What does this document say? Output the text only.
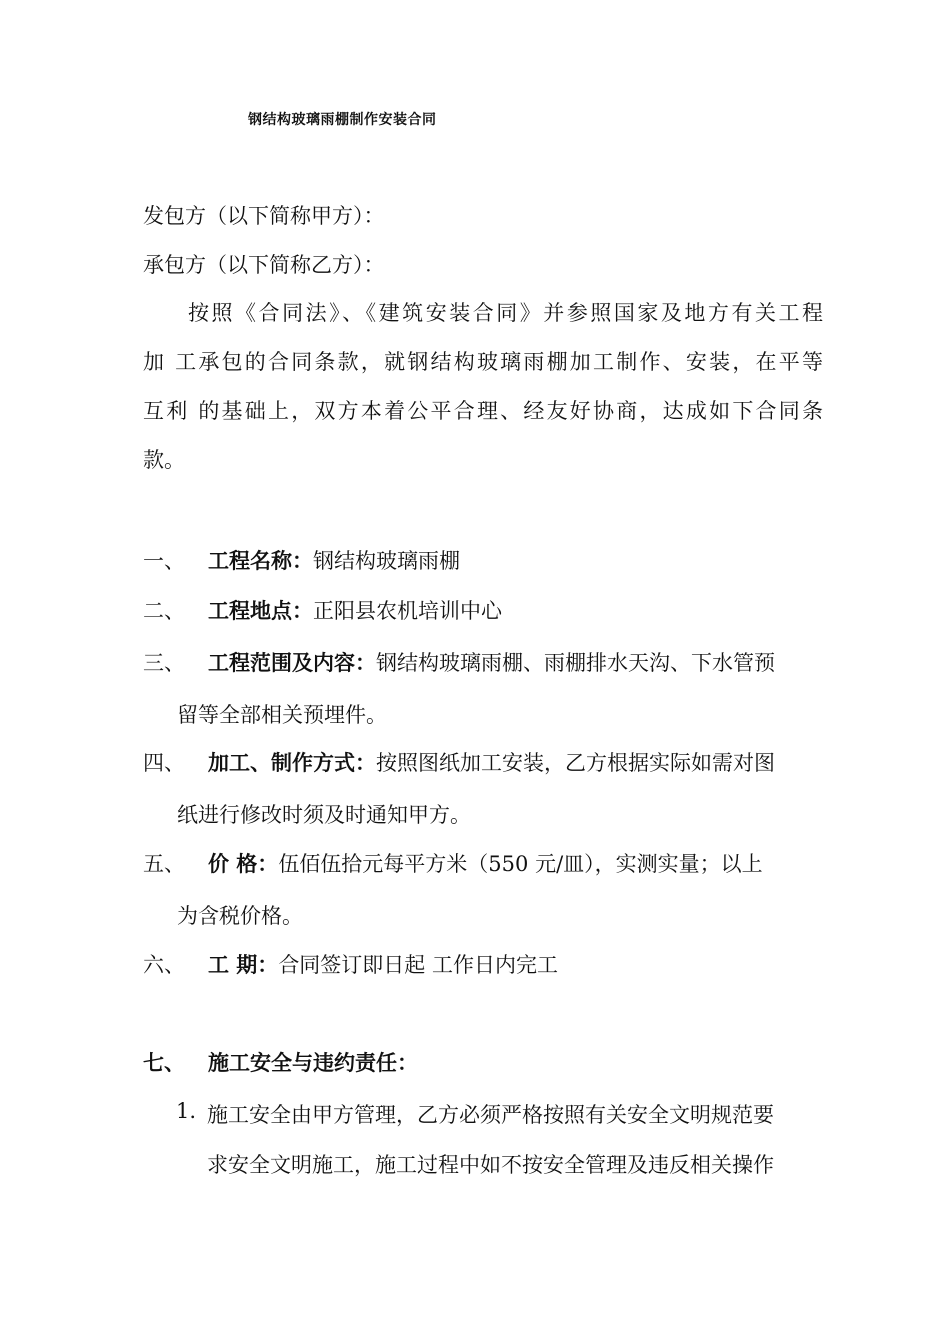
钢结构玻璃雨棚制作安装合同
发包方（以下简称甲方）：
承包方（以下简称乙方）：
按照《合同法》、《建筑安装合同》并参照国家及地方有关工程
加 工承包的合同条款，就钢结构玻璃雨棚加工制作、安装，在平等
互利 的基础上，双方本着公平合理、经友好协商，达成如下合同条
款。
一、 工程名称：钢结构玻璃雨棚
二、 工程地点：正阳县农机培训中心
三、 工程范围及内容：钢结构玻璃雨棚、雨棚排水天沟、下水管预
留等全部相关预埋件。
四、 加工、制作方式：按照图纸加工安装，乙方根据实际如需对图
纸进行修改时须及时通知甲方。
五、 价 格：伍佰伍拾元每平方米（550 元/皿），实测实量；以上
为含税价格。
六、 工 期：合同签订即日起 工作日内完工
七、 施工安全与违约责任：
1. 施工安全由甲方管理，乙方必须严格按照有关安全文明规范要
求安全文明施工，施工过程中如不按安全管理及违反相关操作
